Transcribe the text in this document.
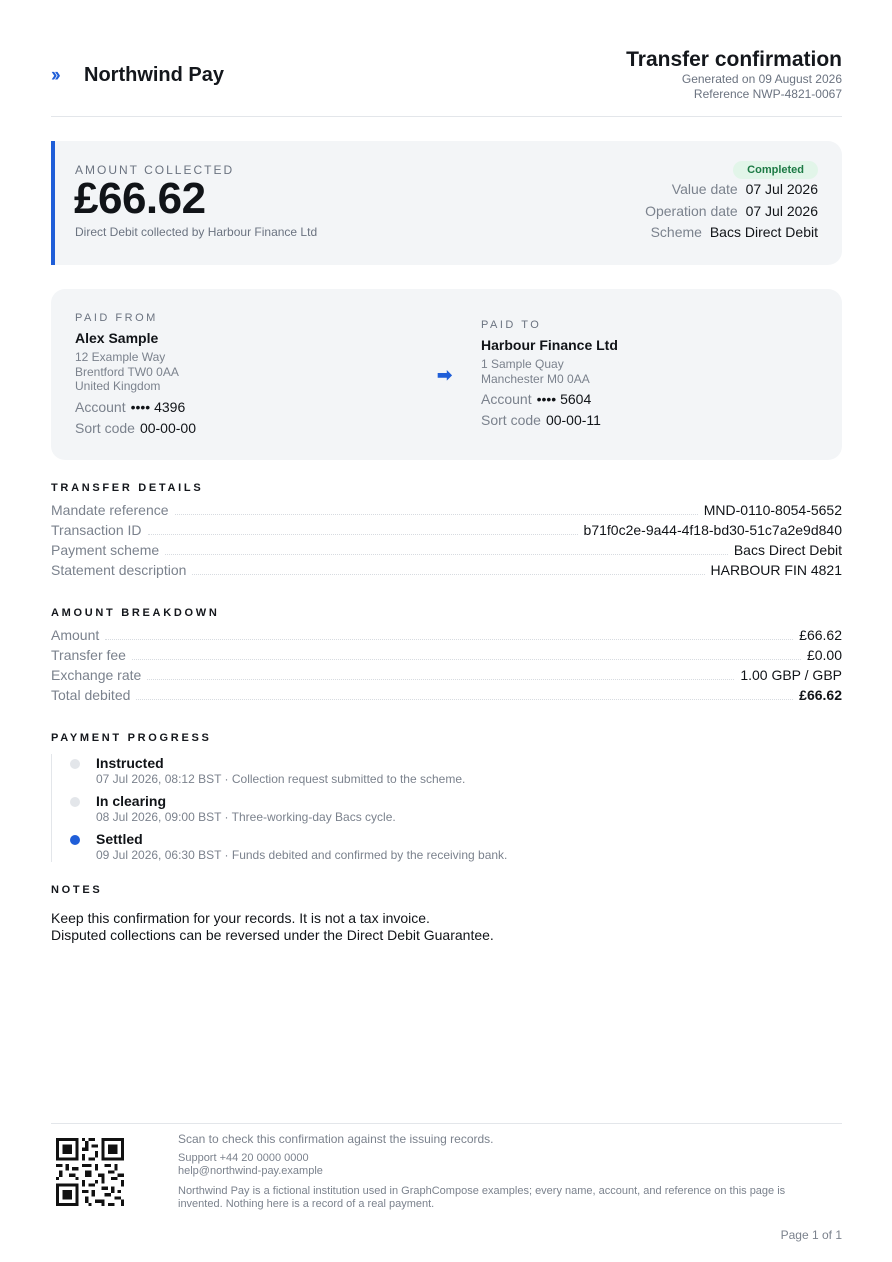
››	Northwind Pay
Transfer confirmation
Generated on 09 August 2026
Reference NWP-4821-0067
AMOUNT COLLECTED
£66.62
Direct Debit collected by Harbour Finance Ltd
Completed
Value date 07 Jul 2026
Operation date 07 Jul 2026
Scheme Bacs Direct Debit
PAID FROM
Alex Sample
12 Example Way
Brentford TW0 0AA
United Kingdom
Account •••• 4396
Sort code 00-00-00
➡
PAID TO
Harbour Finance Ltd
1 Sample Quay
Manchester M0 0AA
Account •••• 5604
Sort code 00-00-11
TRANSFER DETAILS
Mandate reference	MND-0110-8054-5652
Transaction ID	b71f0c2e-9a44-4f18-bd30-51c7a2e9d840
Payment scheme	Bacs Direct Debit
Statement description	HARBOUR FIN 4821
AMOUNT BREAKDOWN
Amount	£66.62
Transfer fee	£0.00
Exchange rate	1.00 GBP / GBP
Total debited	£66.62
PAYMENT PROGRESS
Instructed
07 Jul 2026, 08:12 BST · Collection request submitted to the scheme.
In clearing
08 Jul 2026, 09:00 BST · Three-working-day Bacs cycle.
Settled
09 Jul 2026, 06:30 BST · Funds debited and confirmed by the receiving bank.
NOTES
Keep this confirmation for your records. It is not a tax invoice.
Disputed collections can be reversed under the Direct Debit Guarantee.
Scan to check this confirmation against the issuing records.
Support +44 20 0000 0000
help@northwind-pay.example
Northwind Pay is a fictional institution used in GraphCompose examples; every name, account, and reference on this page is
invented. Nothing here is a record of a real payment.
Page 1 of 1
